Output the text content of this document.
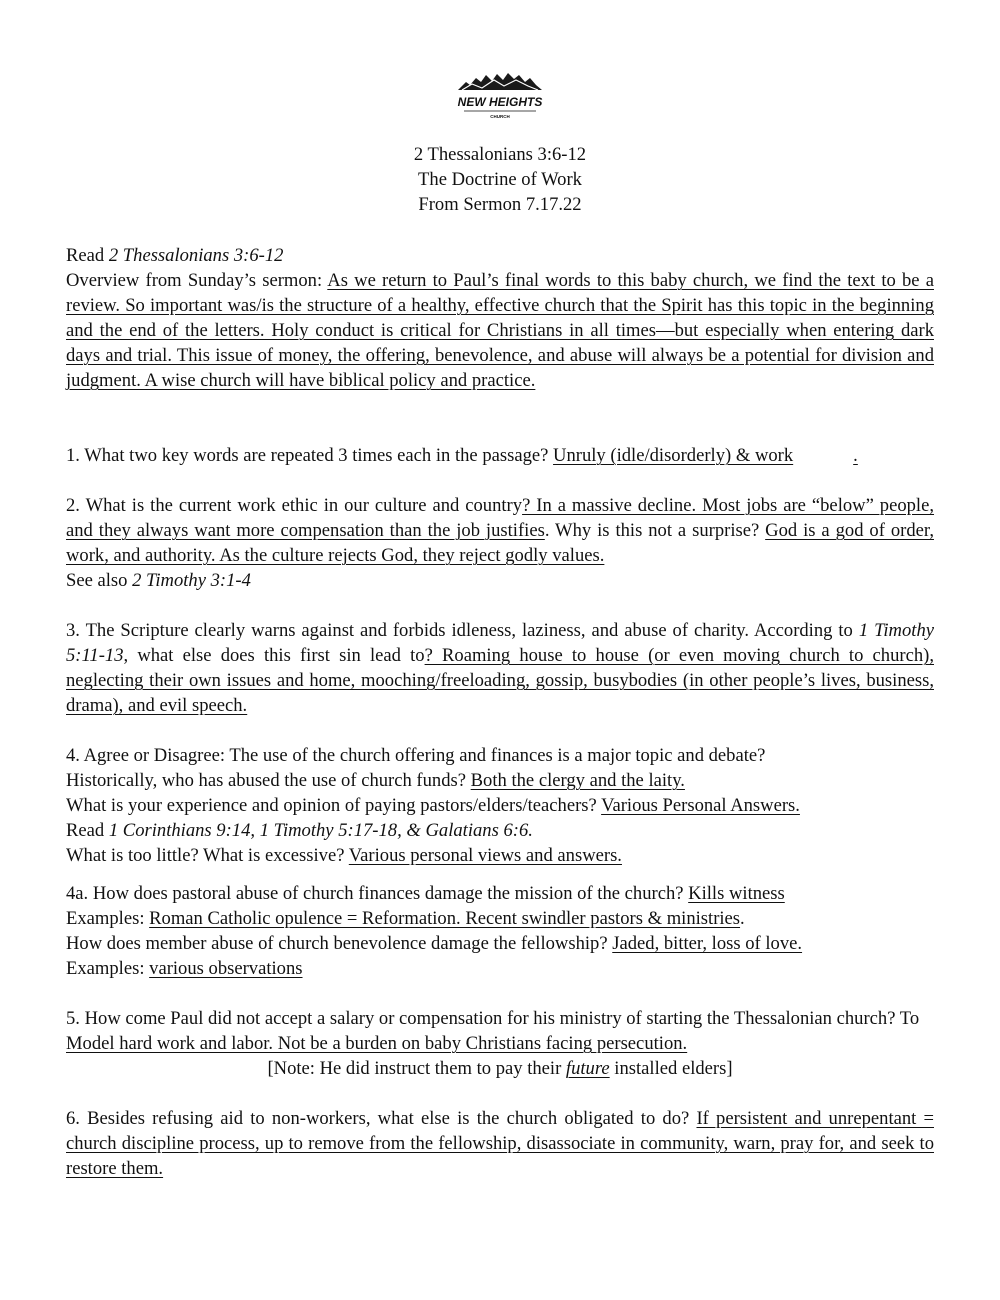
NEW HEIGHTS
CHURCH
2 Thessalonians 3:6-12
The Doctrine of Work
From Sermon 7.17.22

Read 2 Thessalonians 3:6-12

Overview from Sunday’s sermon: As we return to Paul’s final words to this baby church, we find the text to be a review. So important was/is the structure of a healthy, effective church that the Spirit has this topic in the beginning and the end of the letters. Holy conduct is critical for Christians in all times—but especially when entering dark days and trial. This issue of money, the offering, benevolence, and abuse will always be a potential for division and judgment. A wise church will have biblical policy and practice.

1. What two key words are repeated 3 times each in the passage? Unruly (idle/disorderly) & work	.

2. What is the current work ethic in our culture and country? In a massive decline. Most jobs are “below” people, and they always want more compensation than the job justifies. Why is this not a surprise? God is a god of order, work, and authority. As the culture rejects God, they reject godly values.

See also 2 Timothy 3:1-4

3. The Scripture clearly warns against and forbids idleness, laziness, and abuse of charity. According to 1 Timothy 5:11-13, what else does this first sin lead to? Roaming house to house (or even moving church to church), neglecting their own issues and home, mooching/freeloading, gossip, busybodies (in other people’s lives, business, drama), and evil speech.

4. Agree or Disagree: The use of the church offering and finances is a major topic and debate?

Historically, who has abused the use of church funds? Both the clergy and the laity.

What is your experience and opinion of paying pastors/elders/teachers? Various Personal Answers.

Read 1 Corinthians 9:14, 1 Timothy 5:17-18, & Galatians 6:6.

What is too little? What is excessive? Various personal views and answers.

4a. How does pastoral abuse of church finances damage the mission of the church? Kills witness

Examples: Roman Catholic opulence = Reformation. Recent swindler pastors & ministries.

How does member abuse of church benevolence damage the fellowship? Jaded, bitter, loss of love.

Examples: various observations

5. How come Paul did not accept a salary or compensation for his ministry of starting the Thessalonian church? To Model hard work and labor. Not be a burden on baby Christians facing persecution.

[Note: He did instruct them to pay their future installed elders]

6. Besides refusing aid to non-workers, what else is the church obligated to do? If persistent and unrepentant = church discipline process, up to remove from the fellowship, disassociate in community, warn, pray for, and seek to restore them.
